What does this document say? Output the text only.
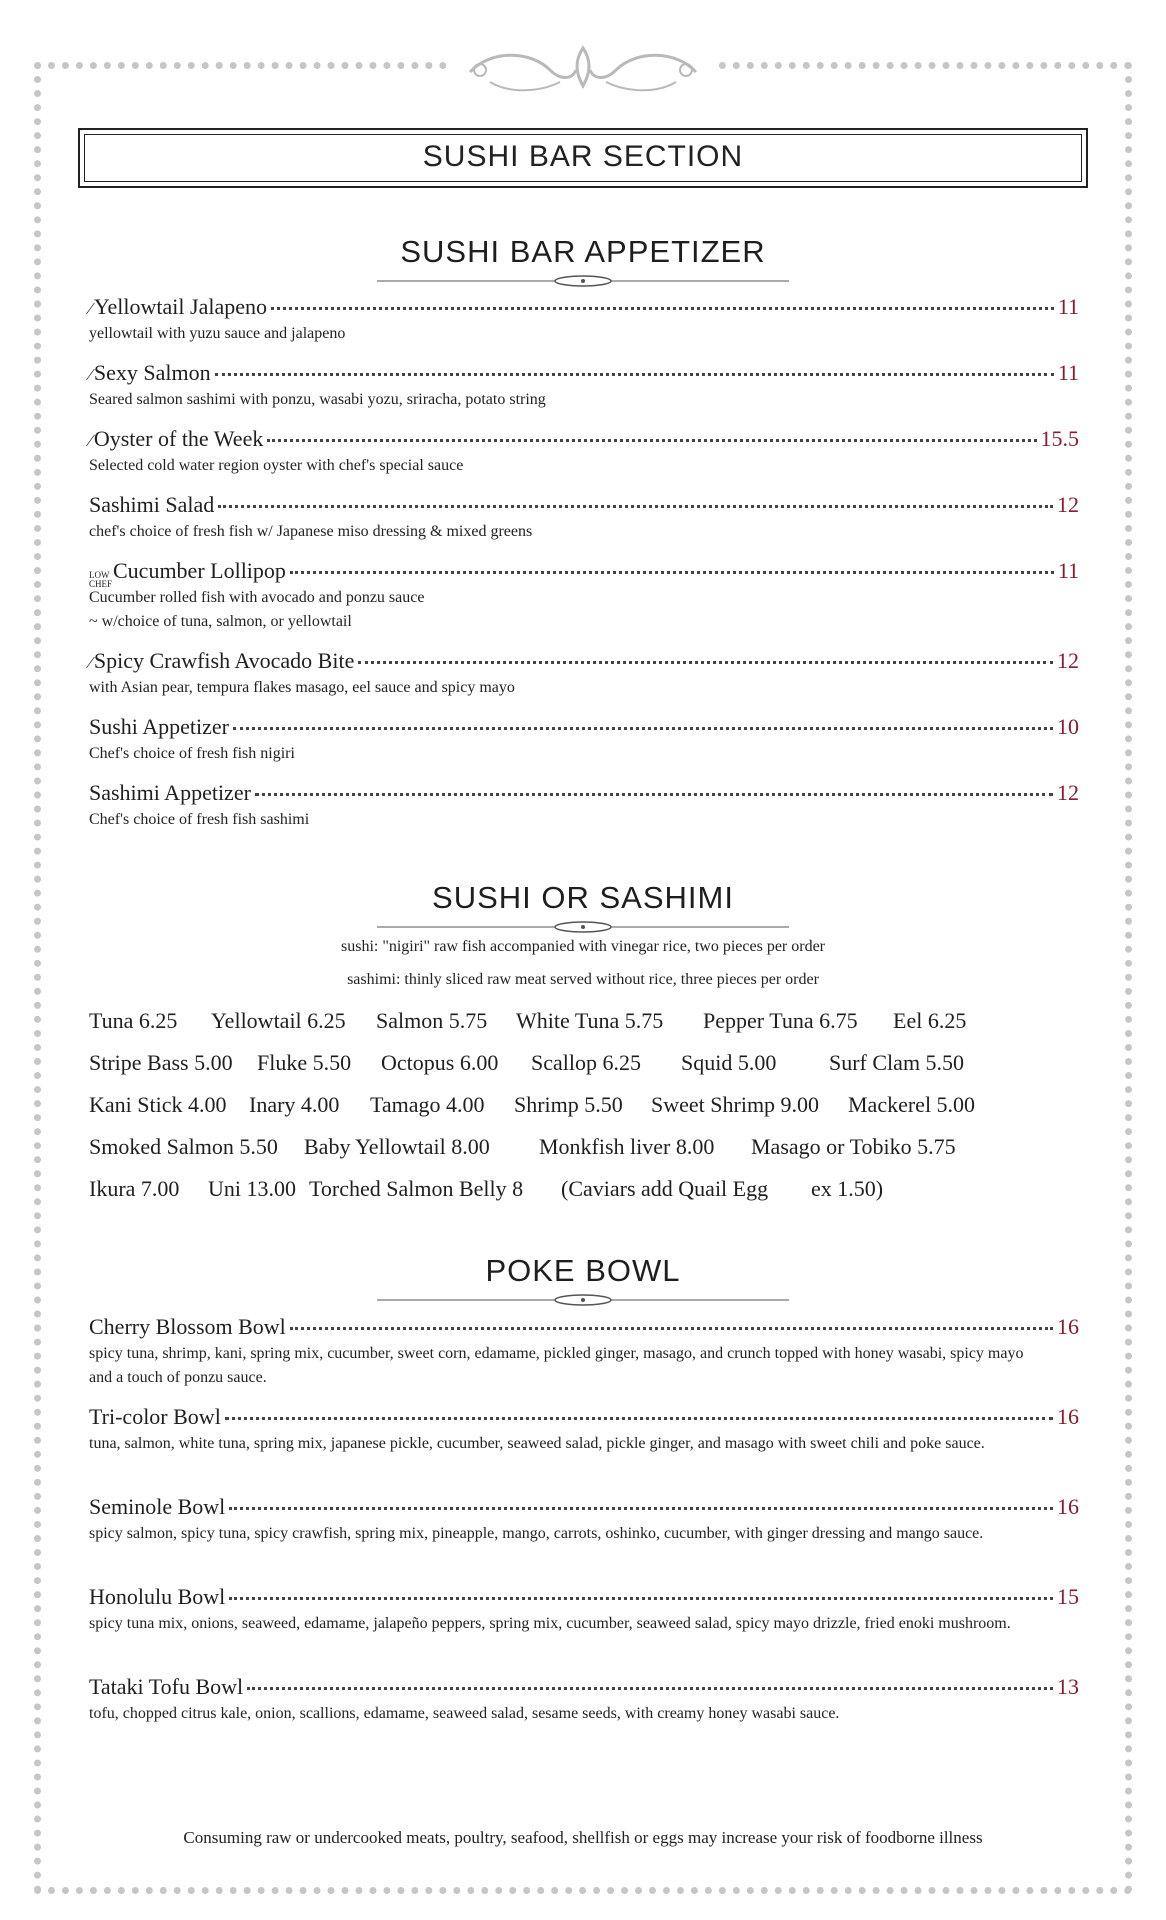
SUSHI BAR SECTION
SUSHI BAR APPETIZER
∕ Yellowtail Jalapeno	11
yellowtail with yuzu sauce and jalapeno
∕ Sexy Salmon	11
Seared salmon sashimi with ponzu, wasabi yozu, sriracha, potato string
∕ Oyster of the Week	15.5
Selected cold water region oyster with chef's special sauce
Sashimi Salad	12
chef's choice of fresh fish w/ Japanese miso dressing & mixed greens
LOW
CHEF
Cucumber Lollipop	11
Cucumber rolled fish with avocado and ponzu sauce
~ w/choice of tuna, salmon, or yellowtail
∕ Spicy Crawfish Avocado Bite	12
with Asian pear, tempura flakes masago, eel sauce and spicy mayo
Sushi Appetizer	10
Chef's choice of fresh fish nigiri
Sashimi Appetizer	12
Chef's choice of fresh fish sashimi
SUSHI OR SASHIMI
sushi: "nigiri" raw fish accompanied with vinegar rice, two pieces per order
sashimi: thinly sliced raw meat served without rice, three pieces per order
Tuna 6.25 Yellowtail 6.25 Salmon 5.75 White Tuna 5.75 Pepper Tuna 6.75 Eel 6.25
Stripe Bass 5.00 Fluke 5.50 Octopus 6.00 Scallop 6.25 Squid 5.00 Surf Clam 5.50
Kani Stick 4.00 Inary 4.00 Tamago 4.00 Shrimp 5.50 Sweet Shrimp 9.00 Mackerel 5.00
Smoked Salmon 5.50 Baby Yellowtail 8.00 Monkfish liver 8.00 Masago or Tobiko 5.75
Ikura 7.00 Uni 13.00 Torched Salmon Belly 8 (Caviars add Quail Egg ex 1.50)
POKE BOWL
Cherry Blossom Bowl	16
spicy tuna, shrimp, kani, spring mix, cucumber, sweet corn, edamame, pickled ginger, masago, and crunch topped with honey wasabi, spicy mayo and a touch of ponzu sauce.
Tri-color Bowl	16
tuna, salmon, white tuna, spring mix, japanese pickle, cucumber, seaweed salad, pickle ginger, and masago with sweet chili and poke sauce.
Seminole Bowl	16
spicy salmon, spicy tuna, spicy crawfish, spring mix, pineapple, mango, carrots, oshinko, cucumber, with ginger dressing and mango sauce.
Honolulu Bowl	15
spicy tuna mix, onions, seaweed, edamame, jalapeño peppers, spring mix, cucumber, seaweed salad, spicy mayo drizzle, fried enoki mushroom.
Tataki Tofu Bowl	13
tofu, chopped citrus kale, onion, scallions, edamame, seaweed salad, sesame seeds, with creamy honey wasabi sauce.
Consuming raw or undercooked meats, poultry, seafood, shellfish or eggs may increase your risk of foodborne illness
